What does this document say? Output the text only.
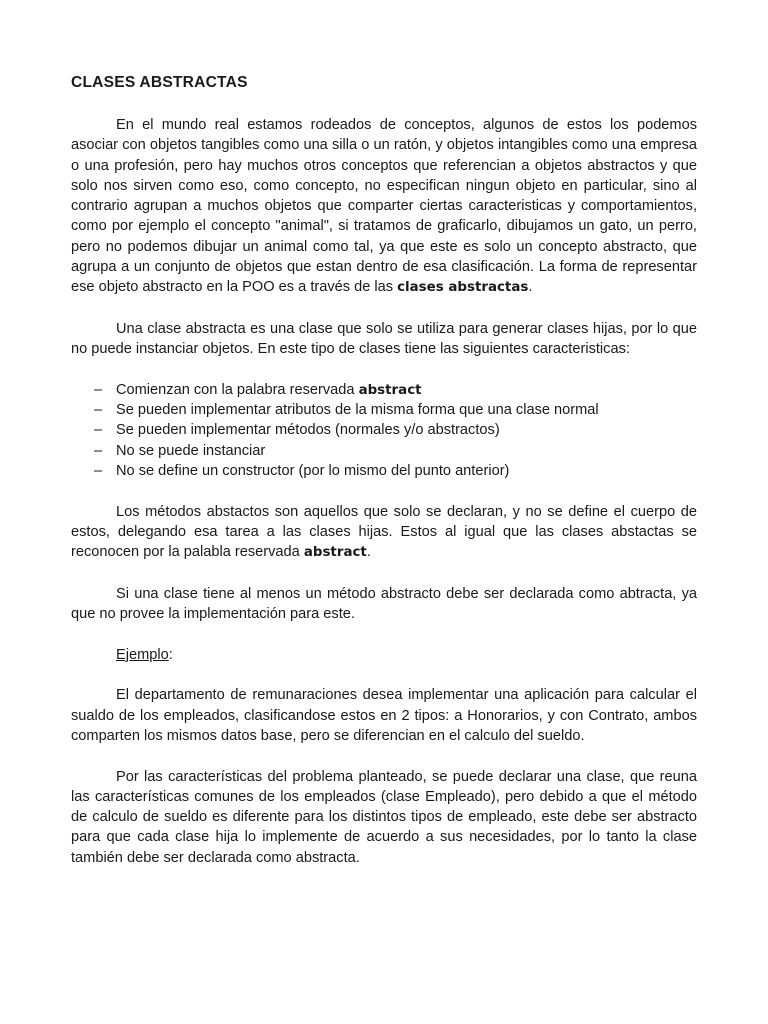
CLASES ABSTRACTAS

En el mundo real estamos rodeados de conceptos, algunos de estos los podemos asociar con objetos tangibles como una silla o un ratón, y objetos intangibles como una empresa o una profesión, pero hay muchos otros conceptos que referencian a objetos abstractos y que solo nos sirven como eso, como concepto, no especifican ningun objeto en particular, sino al contrario agrupan a muchos objetos que comparter ciertas caracteristicas y comportamientos, como por ejemplo el concepto "animal", si tratamos de graficarlo, dibujamos un gato, un perro, pero no podemos dibujar un animal como tal, ya que este es solo un concepto abstracto, que agrupa a un conjunto de objetos que estan dentro de esa clasificación. La forma de representar ese objeto abstracto en la POO es a través de las clases abstractas.

Una clase abstracta es una clase que solo se utiliza para generar clases hijas, por lo que no puede instanciar objetos. En este tipo de clases tiene las siguientes caracteristicas:

– Comienzan con la palabra reservada abstract
– Se pueden implementar atributos de la misma forma que una clase normal
– Se pueden implementar métodos (normales y/o abstractos)
– No se puede instanciar
– No se define un constructor (por lo mismo del punto anterior)

Los métodos abstactos son aquellos que solo se declaran, y no se define el cuerpo de estos, delegando esa tarea a las clases hijas. Estos al igual que las clases abstactas se reconocen por la palabla reservada abstract.

Si una clase tiene al menos un método abstracto debe ser declarada como abtracta, ya que no provee la implementación para este.

Ejemplo:

El departamento de remunaraciones desea implementar una aplicación para calcular el sualdo de los empleados, clasificandose estos en 2 tipos: a Honorarios, y con Contrato, ambos comparten los mismos datos base, pero se diferencian en el calculo del sueldo.

Por las características del problema planteado, se puede declarar una clase, que reuna las características comunes de los empleados (clase Empleado), pero debido a que el método de calculo de sueldo es diferente para los distintos tipos de empleado, este debe ser abstracto para que cada clase hija lo implemente de acuerdo a sus necesidades, por lo tanto la clase también debe ser declarada como abstracta.
